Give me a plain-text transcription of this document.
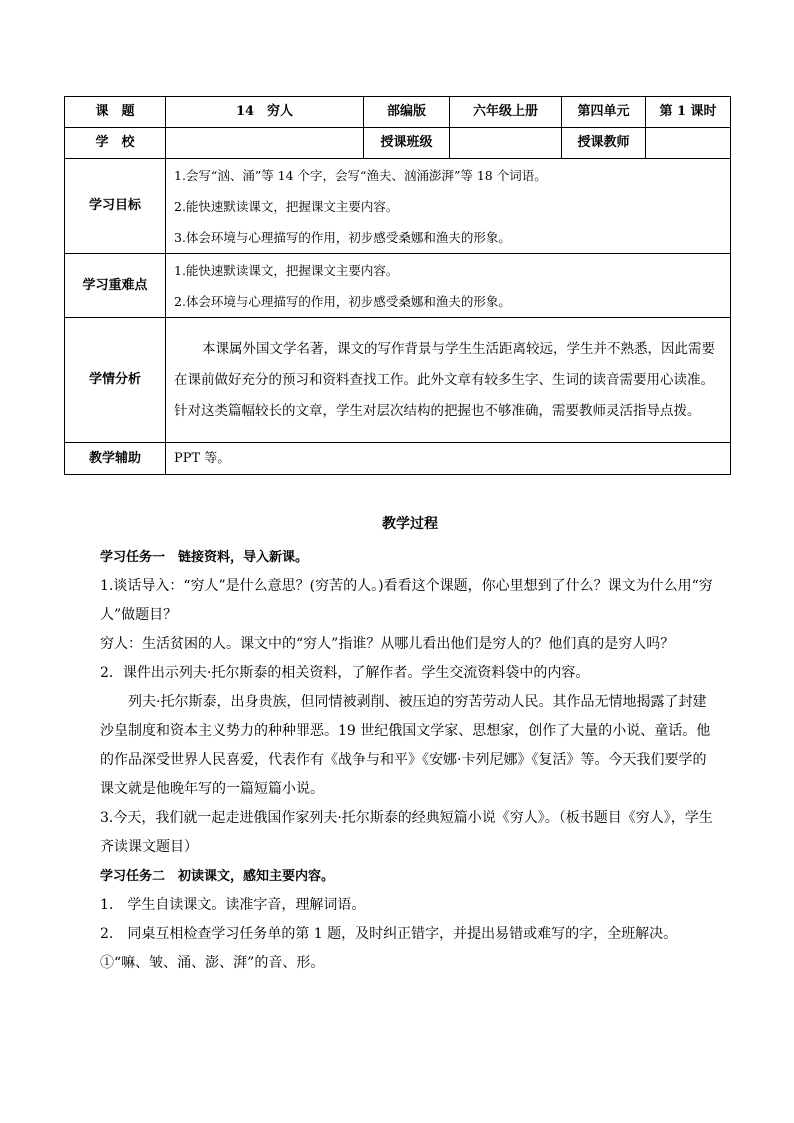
课　题	14　穷人	部编版	六年级上册	第四单元	第 1 课时
学　校		授课班级		授课教师	
学习目标	1.会写“汹、涌”等 14 个字，会写“渔夫、汹涌澎湃”等 18 个词语。
2.能快速默读课文，把握课文主要内容。
3.体会环境与心理描写的作用，初步感受桑娜和渔夫的形象。				

学习重难点	1.能快速默读课文，把握课文主要内容。
2.体会环境与心理描写的作用，初步感受桑娜和渔夫的形象。				

学情分析	本课属外国文学名著，课文的写作背景与学生生活距离较远，学生并不熟悉，因此需要在课前做好充分的预习和资料查找工作。此外文章有较多生字、生词的读音需要用心读准。针对这类篇幅较长的文章，学生对层次结构的把握也不够准确，需要教师灵活指导点拨。				

教学辅助	PPT 等。				

教学过程

学习任务一　链接资料，导入新课。

1.谈话导入：“穷人”是什么意思？(穷苦的人。)看看这个课题，你心里想到了什么？课文为什么用“穷人”做题目？

穷人：生活贫困的人。课文中的“穷人”指谁？从哪儿看出他们是穷人的？他们真的是穷人吗？

2．课件出示列夫·托尔斯泰的相关资料，了解作者。学生交流资料袋中的内容。

列夫·托尔斯泰，出身贵族，但同情被剥削、被压迫的穷苦劳动人民。其作品无情地揭露了封建沙皇制度和资本主义势力的种种罪恶。19 世纪俄国文学家、思想家，创作了大量的小说、童话。他的作品深受世界人民喜爱，代表作有《战争与和平》《安娜·卡列尼娜》《复活》等。今天我们要学的课文就是他晚年写的一篇短篇小说。

3.今天，我们就一起走进俄国作家列夫·托尔斯泰的经典短篇小说《穷人》。（板书题目《穷人》，学生齐读课文题目）

学习任务二　初读课文，感知主要内容。

1.　学生自读课文。读准字音，理解词语。

2.　同桌互相检查学习任务单的第 1 题，及时纠正错字，并提出易错或难写的字，全班解决。

①“嘛、皱、涌、澎、湃”的音、形。
